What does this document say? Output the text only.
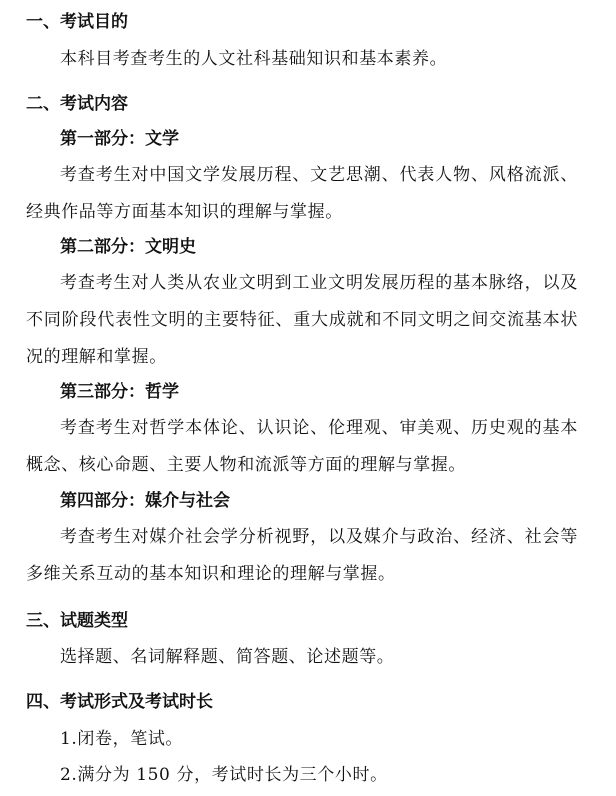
一、考试目的
本科目考查考生的人文社科基础知识和基本素养。
二、考试内容
第一部分：文学

考查考生对中国文学发展历程、文艺思潮、代表人物、风格流派、经典作品等方面基本知识的理解与掌握。

第二部分：文明史

考查考生对人类从农业文明到工业文明发展历程的基本脉络，以及不同阶段代表性文明的主要特征、重大成就和不同文明之间交流基本状况的理解和掌握。

第三部分：哲学

考查考生对哲学本体论、认识论、伦理观、审美观、历史观的基本概念、核心命题、主要人物和流派等方面的理解与掌握。

第四部分：媒介与社会

考查考生对媒介社会学分析视野，以及媒介与政治、经济、社会等多维关系互动的基本知识和理论的理解与掌握。

三、试题类型
选择题、名词解释题、简答题、论述题等。
四、考试形式及考试时长
1.闭卷，笔试。
2.满分为 150 分，考试时长为三个小时。
